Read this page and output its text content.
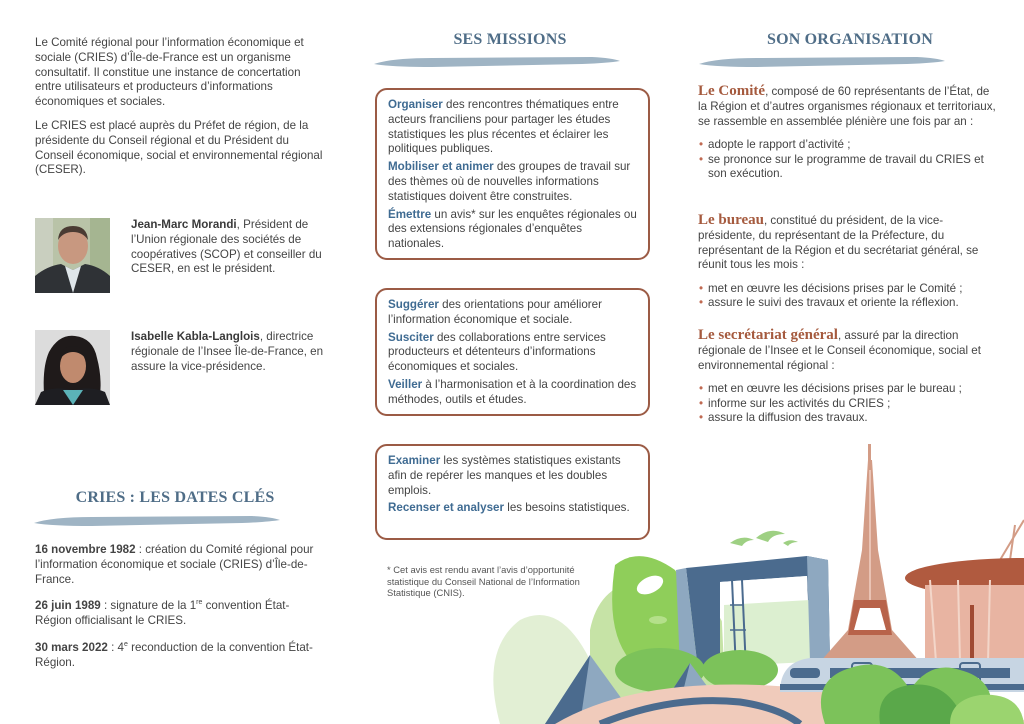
Le Comité régional pour l’information économique et sociale (CRIES) d’Île-de-France est un organisme consultatif. Il constitue une instance de concertation entre utilisateurs et producteurs d’informations économiques et sociales.

Le CRIES est placé auprès du Préfet de région, de la présidente du Conseil régional et du Président du Conseil économique, social et environnemental régional (CESER).

Jean-Marc Morandi, Président de l’Union régionale des sociétés de coopératives (SCOP) et conseiller du CESER, en est le président.
Isabelle Kabla-Langlois, directrice régionale de l’Insee Île-de-France, en assure la vice-présidence.
CRIES : LES DATES CLÉS

16 novembre 1982 : création du Comité régional pour l’information économique et sociale (CRIES) d’Île-de-France.

26 juin 1989 : signature de la 1re convention État-Région officialisant le CRIES.

30 mars 2022 : 4e reconduction de la convention État-Région.

SES MISSIONS

Organiser des rencontres thématiques entre acteurs franciliens pour partager les études statistiques les plus récentes et éclairer les politiques publiques.

Mobiliser et animer des groupes de travail sur des thèmes où de nouvelles informations statistiques doivent être construites.

Émettre un avis* sur les enquêtes régionales ou des extensions régionales d’enquêtes nationales.

Suggérer des orientations pour améliorer l’information économique et sociale.

Susciter des collaborations entre services producteurs et détenteurs d’informations économiques et sociales.

Veiller à l’harmonisation et à la coordination des méthodes, outils et études.

Examiner les systèmes statistiques existants afin de repérer les manques et les doubles emplois.

Recenser et analyser les besoins statistiques.

* Cet avis est rendu avant l’avis d’opportunité statistique du Conseil National de l’Information Statistique (CNIS).
SON ORGANISATION

Le Comité, composé de 60 représentants de l’État, de la Région et d’autres organismes régionaux et territoriaux, se rassemble en assemblée plénière une fois par an :

• adopte le rapport d’activité ;
• se prononce sur le programme de travail du CRIES et son exécution.

Le bureau, constitué du président, de la vice-présidente, du représentant de la Préfecture, du représentant de la Région et du secrétariat général, se réunit tous les mois :

• met en œuvre les décisions prises par le Comité ;
• assure le suivi des travaux et oriente la réflexion.

Le secrétariat général, assuré par la direction régionale de l’Insee et le Conseil économique, social et environnemental régional :

• met en œuvre les décisions prises par le bureau ;
• informe sur les activités du CRIES ;
• assure la diffusion des travaux.
